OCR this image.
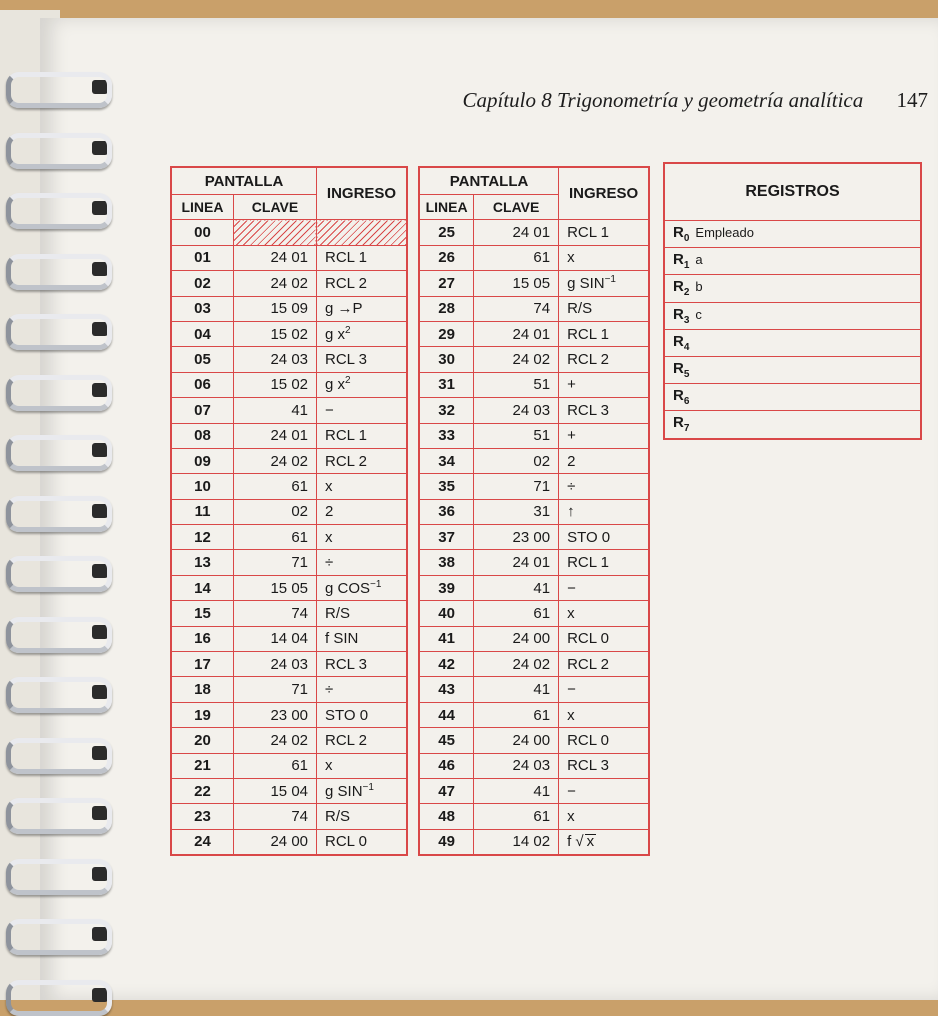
Capítulo 8 Trigonometría y geometría analítica 147
PANTALLA		INGRESO
LINEA	CLAVE	
00		
01	24 01	RCL 1
02	24 02	RCL 2
03	15 09	g →P
04	15 02	g $x^2$
05	24 03	RCL 3
06	15 02	g $x^2$
07	41	−
08	24 01	RCL 1
09	24 02	RCL 2
10	61	x
11	02	2
12	61	x
13	71	÷
14	15 05	g $COS^{-1}$
15	74	R/S
16	14 04	f SIN
17	24 03	RCL 3
18	71	÷
19	23 00	STO 0
20	24 02	RCL 2
21	61	x
22	15 04	g $SIN^{-1}$
23	74	R/S
24	24 00	RCL 0
PANTALLA		INGRESO
LINEA	CLAVE	
25	24 01	RCL 1
26	61	x
27	15 05	g $SIN^{-1}$
28	74	R/S
29	24 01	RCL 1
30	24 02	RCL 2
31	51	+
32	24 03	RCL 3
33	51	+
34	02	2
35	71	÷
36	31	↑
37	23 00	STO 0
38	24 01	RCL 1
39	41	−
40	61	x
41	24 00	RCL 0
42	24 02	RCL 2
43	41	−
44	61	x
45	24 00	RCL 0
46	24 03	RCL 3
47	41	−
48	61	x
49	14 02	f √ x
REGISTROS
$R_0$ Empleado
$R_1$ a
$R_2$ b
$R_3$ c
$R_4$
$R_5$
$R_6$
$R_7$
